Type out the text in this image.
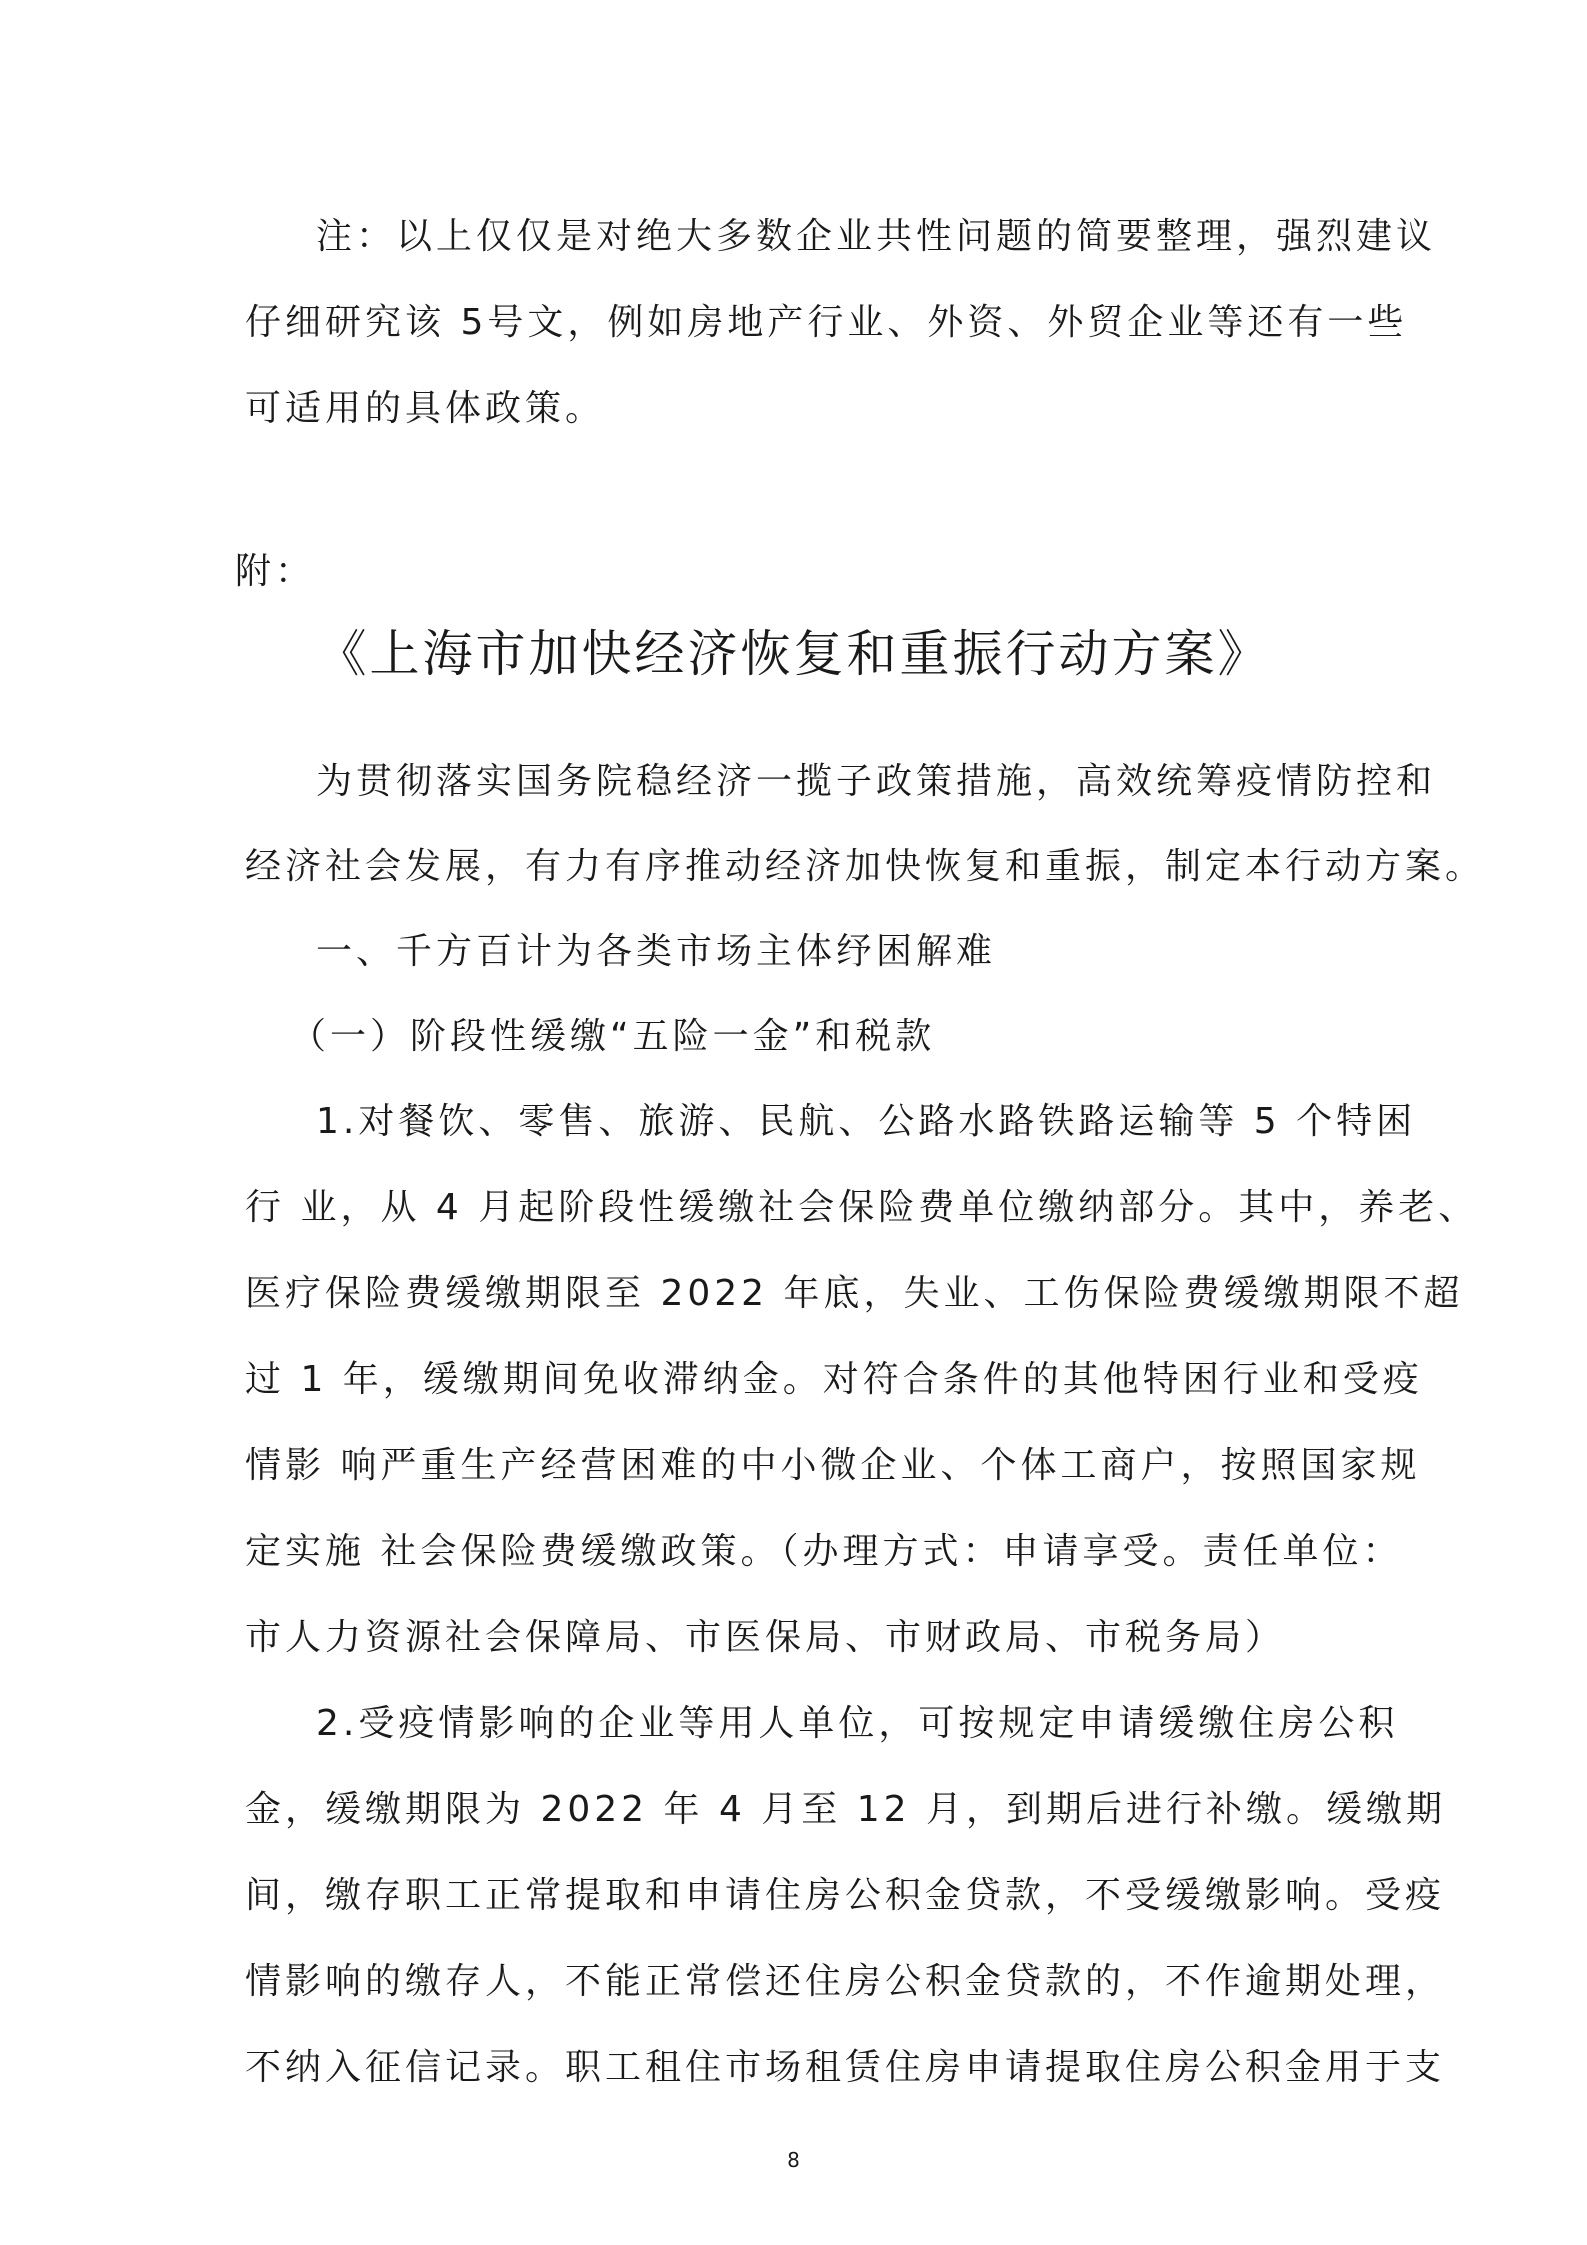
注：以上仅仅是对绝大多数企业共性问题的简要整理，强烈建议
仔细研究该 5号文，例如房地产行业、外资、外贸企业等还有一些
可适用的具体政策。
附：
《上海市加快经济恢复和重振行动方案》
为贯彻落实国务院稳经济一揽子政策措施，高效统筹疫情防控和
经济社会发展，有力有序推动经济加快恢复和重振，制定本行动方案。
一、千方百计为各类市场主体纾困解难
（一）阶段性缓缴“五险一金”和税款
1.对餐饮、零售、旅游、民航、公路水路铁路运输等 5 个特困
行 业，从 4 月起阶段性缓缴社会保险费单位缴纳部分。其中，养老、
医疗保险费缓缴期限至 2022 年底，失业、工伤保险费缓缴期限不超
过 1 年，缓缴期间免收滞纳金。对符合条件的其他特困行业和受疫
情影 响严重生产经营困难的中小微企业、个体工商户，按照国家规
定实施 社会保险费缓缴政策。（办理方式：申请享受。责任单位：
市人力资源社会保障局、市医保局、市财政局、市税务局）
2.受疫情影响的企业等用人单位，可按规定申请缓缴住房公积
金，缓缴期限为 2022 年 4 月至 12 月，到期后进行补缴。缓缴期
间，缴存职工正常提取和申请住房公积金贷款，不受缓缴影响。受疫
情影响的缴存人，不能正常偿还住房公积金贷款的，不作逾期处理，
不纳入征信记录。职工租住市场租赁住房申请提取住房公积金用于支
8
